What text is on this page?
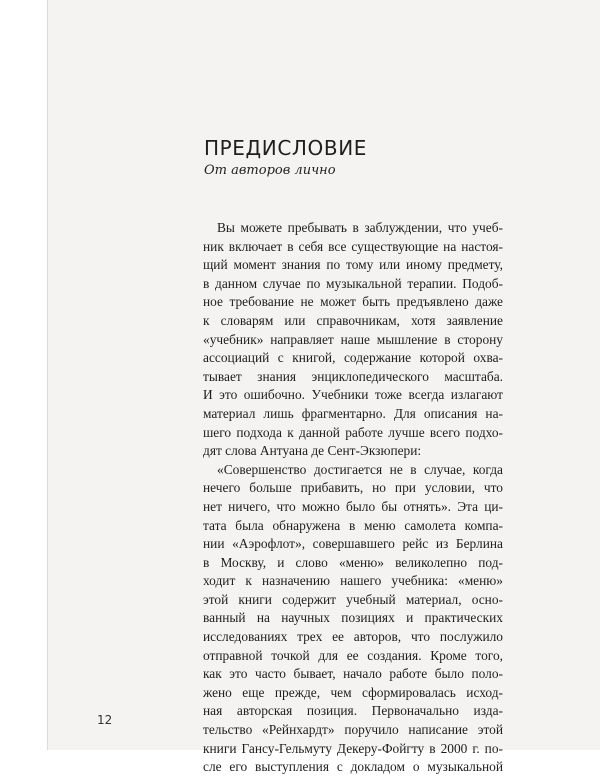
ПРЕДИСЛОВИЕ

От авторов лично

Вы можете пребывать в заблуждении, что учеб-
ник включает в себя все существующие на настоя-
щий момент знания по тому или иному предмету,
в данном случае по музыкальной терапии. Подоб-
ное требование не может быть предъявлено даже
к словарям или справочникам, хотя заявление
«учебник» направляет наше мышление в сторону
ассоциаций с книгой, содержание которой охва-
тывает знания энциклопедического масштаба.
И это ошибочно. Учебники тоже всегда излагают
материал лишь фрагментарно. Для описания на-
шего подхода к данной работе лучше всего подхо-
дят слова Антуана де Сент-Экзюпери:
«Совершенство достигается не в случае, когда
нечего больше прибавить, но при условии, что
нет ничего, что можно было бы отнять». Эта ци-
тата была обнаружена в меню самолета компа-
нии «Аэрофлот», совершавшего рейс из Берлина
в Москву, и слово «меню» великолепно под-
ходит к назначению нашего учебника: «меню»
этой книги содержит учебный материал, осно-
ванный на научных позициях и практических
исследованиях трех ее авторов, что послужило
отправной точкой для ее создания. Кроме того,
как это часто бывает, начало работе было поло-
жено еще прежде, чем сформировалась исход-
ная авторская позиция. Первоначально изда-
тельство «Рейнхардт» поручило написание этой
книги Гансу-Гельмуту Декеру-Фойгту в 2000 г. по-
сле его выступления с докладом о музыкальной
12
